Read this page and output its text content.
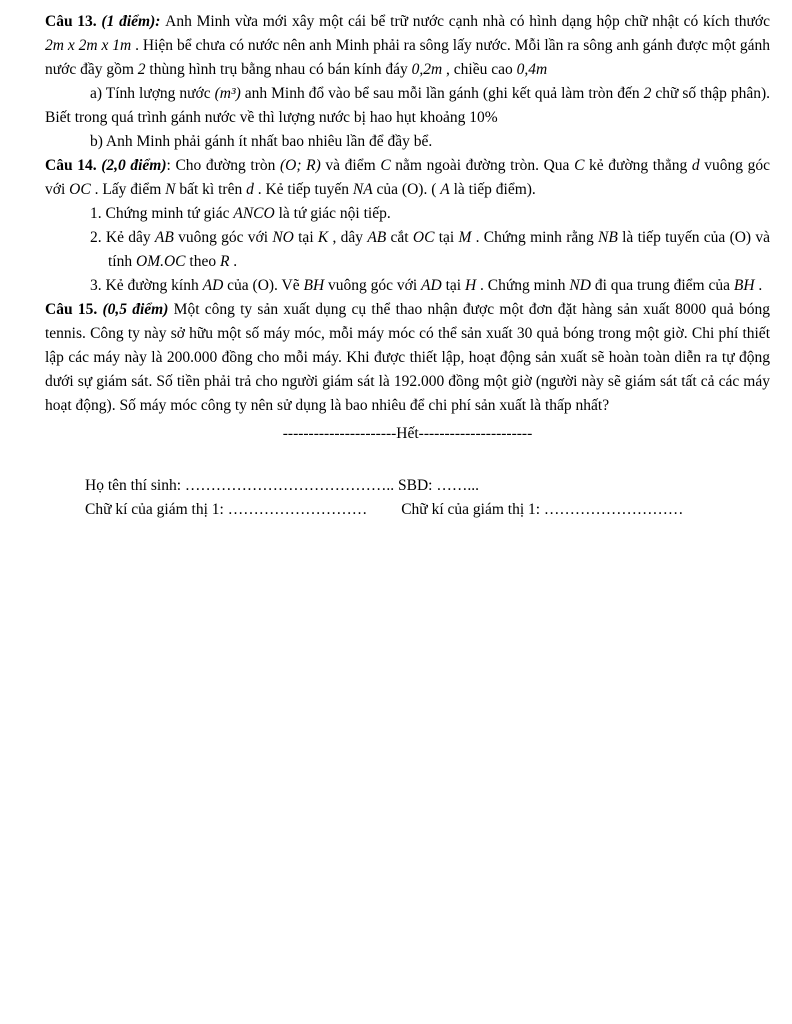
Câu 13. (1 điểm): Anh Minh vừa mới xây một cái bể trữ nước cạnh nhà có hình dạng hộp chữ nhật có kích thước 2m x 2m x 1m . Hiện bể chưa có nước nên anh Minh phải ra sông lấy nước. Mỗi lần ra sông anh gánh được một gánh nước đầy gồm 2 thùng hình trụ bằng nhau có bán kính đáy 0,2m , chiều cao 0,4m

a) Tính lượng nước (m³) anh Minh đổ vào bể sau mỗi lần gánh (ghi kết quả làm tròn đến 2 chữ số thập phân). Biết trong quá trình gánh nước về thì lượng nước bị hao hụt khoảng 10%

b) Anh Minh phải gánh ít nhất bao nhiêu lần để đầy bể.

Câu 14. (2,0 điểm): Cho đường tròn (O; R) và điểm C nằm ngoài đường tròn. Qua C kẻ đường thẳng d vuông góc với OC . Lấy điểm N bất kì trên d . Kẻ tiếp tuyến NA của (O). ( A là tiếp điểm).

1. Chứng minh tứ giác ANCO là tứ giác nội tiếp.

2. Kẻ dây AB vuông góc với NO tại K , dây AB cắt OC tại M . Chứng minh rằng NB là tiếp tuyến của (O) và tính OM.OC theo R .

3. Kẻ đường kính AD của (O). Vẽ BH vuông góc với AD tại H . Chứng minh ND đi qua trung điểm của BH .

Câu 15. (0,5 điểm) Một công ty sản xuất dụng cụ thể thao nhận được một đơn đặt hàng sản xuất 8000 quả bóng tennis. Công ty này sở hữu một số máy móc, mỗi máy móc có thể sản xuất 30 quả bóng trong một giờ. Chi phí thiết lập các máy này là 200.000 đồng cho mỗi máy. Khi được thiết lập, hoạt động sản xuất sẽ hoàn toàn diễn ra tự động dưới sự giám sát. Số tiền phải trả cho người giám sát là 192.000 đồng một giờ (người này sẽ giám sát tất cả các máy hoạt động). Số máy móc công ty nên sử dụng là bao nhiêu để chi phí sản xuất là thấp nhất?

----------------------Hết----------------------

Họ tên thí sinh: ………………………………….. SBD: ……...

Chữ kí của giám thị 1: ……………………… Chữ kí của giám thị 1: ………………………
